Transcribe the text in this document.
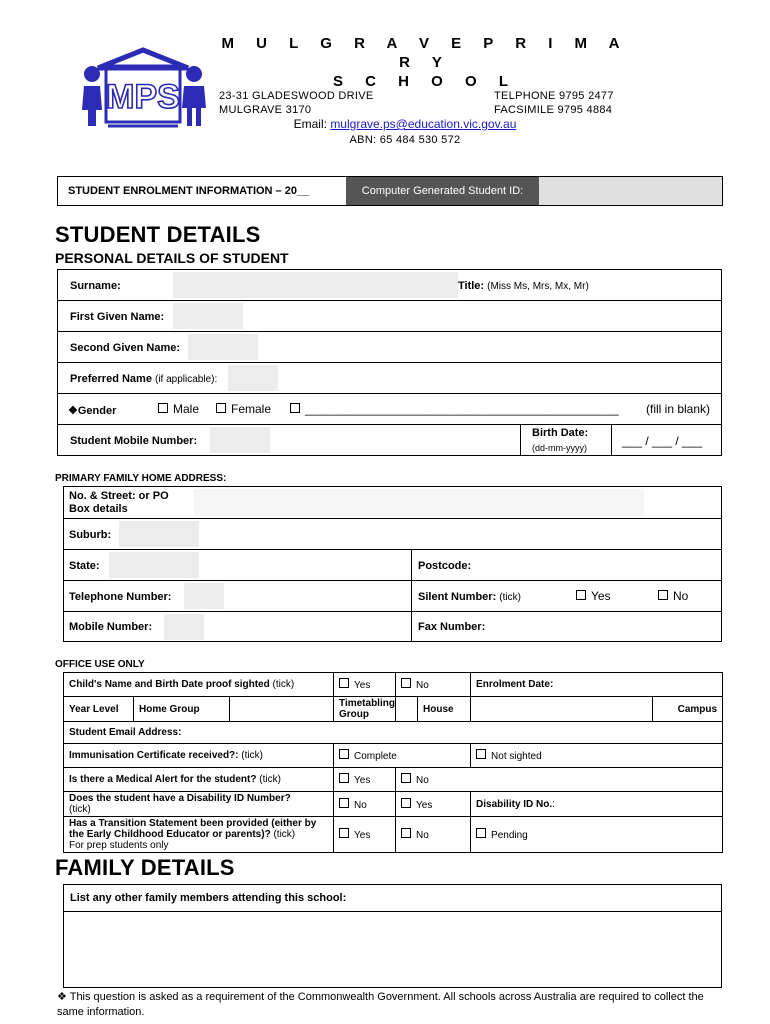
MPS
M U L G R A V E P R I M A R Y
S C H O O L
23-31 GLADESWOOD DRIVE
MULGRAVE 3170
TELPHONE 9795 2477
FACSIMILE 9795 4884
Email: mulgrave.ps@education.vic.gov.au
ABN: 65 484 530 572
STUDENT ENROLMENT INFORMATION – 20__	Computer Generated Student ID:
STUDENT DETAILS
PERSONAL DETAILS OF STUDENT
Surname:	Title: (Miss Ms, Mrs, Mx, Mr)
First Given Name:
Second Given Name:
Preferred Name (if applicable):
❖Gender	Male	Female	_______________________________________________ (fill in blank)
Student Mobile Number:
Birth Date:
(dd-mm-yyyy)	___ / ___ / ___
PRIMARY FAMILY HOME ADDRESS:
No. & Street: or PO Box details
Suburb:
State:	Postcode:
Telephone Number:	Silent Number: (tick)	Yes	No
Mobile Number:	Fax Number:
OFFICE USE ONLY
Child's Name and Birth Date proof sighted (tick)			Yes	No		Enrolment Date:	
Year Level	Home Group		Timetabling Group		House		Campus
Student Email Address:							
Immunisation Certificate received?: (tick)			Complete			Not sighted	
Is there a Medical Alert for the student? (tick)			Yes	No			
Does the student have a Disability ID Number?
(tick)			No	Yes		Disability ID No.:	
Has a Transition Statement been provided (either by the Early Childhood Educator or parents)? (tick)
For prep students only			Yes	No		Pending	
FAMILY DETAILS
List any other family members attending this school:
❖ This question is asked as a requirement of the Commonwealth Government. All schools across Australia are required to collect the same information.
